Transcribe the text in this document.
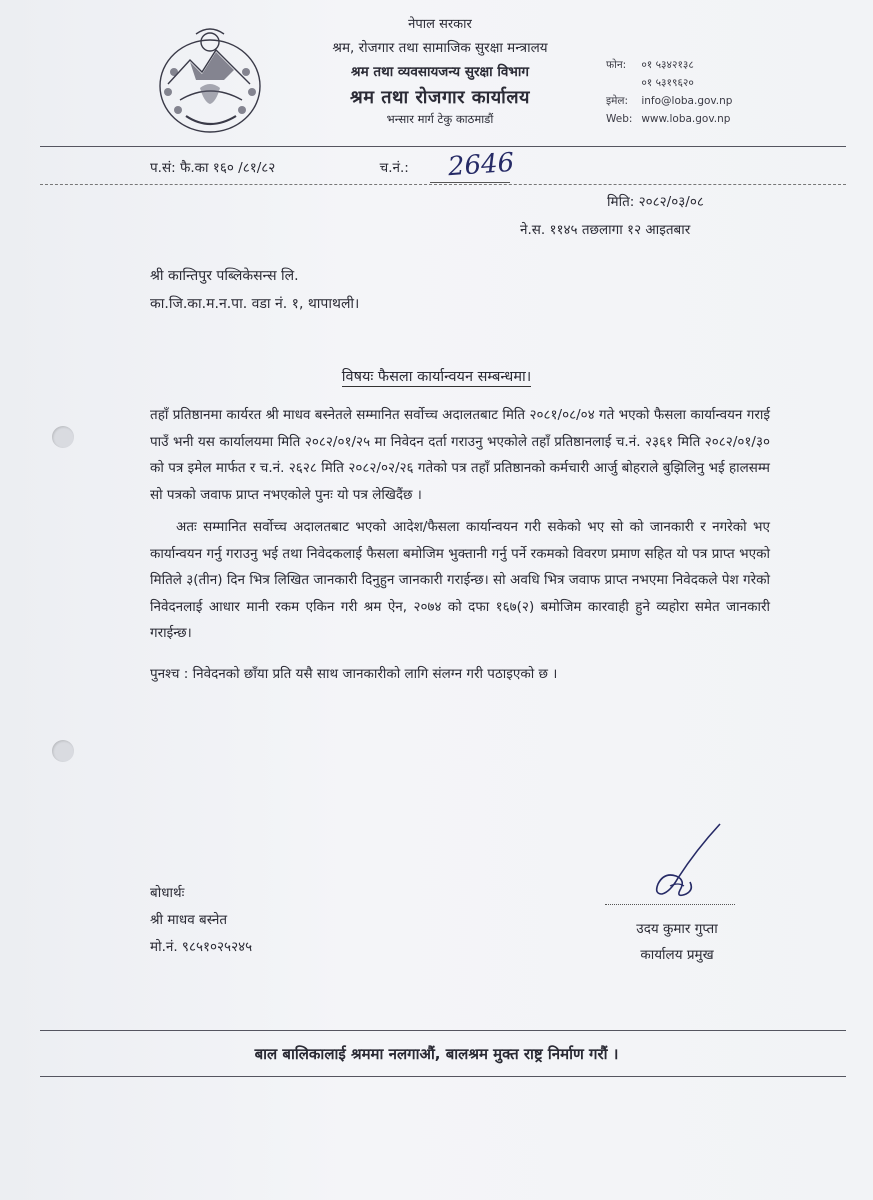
नेपाल सरकार
श्रम, रोजगार तथा सामाजिक सुरक्षा मन्त्रालय
श्रम तथा व्यवसायजन्य सुरक्षा विभाग
श्रम तथा रोजगार कार्यालय
भन्सार मार्ग टेकु काठमाडौं
फोन: ०१ ५३४२१३८
०१ ५३१९६२०
इमेल: info@loba.gov.np
Web: www.loba.gov.np
प.सं: फै.का १६० /८१/८२	च.नं.: 2646
मिति: २०८२/०३/०८
ने.स. ११४५ तछलागा १२ आइतबार
श्री कान्तिपुर पब्लिकेसन्स लि.
का.जि.का.म.न.पा. वडा नं. १, थापाथली।
विषयः फैसला कार्यान्वयन सम्बन्धमा।

तहाँ प्रतिष्ठानमा कार्यरत श्री माधव बस्नेतले सम्मानित सर्वोच्च अदालतबाट मिति २०८१/०८/०४ गते भएको फैसला कार्यान्वयन गराई पाउँ भनी यस कार्यालयमा मिति २०८२/०१/२५ मा निवेदन दर्ता गराउनु भएकोले तहाँ प्रतिष्ठानलाई च.नं. २३६१ मिति २०८२/०१/३० को पत्र इमेल मार्फत र च.नं. २६२८ मिति २०८२/०२/२६ गतेको पत्र तहाँ प्रतिष्ठानको कर्मचारी आर्जु बोहराले बुझिलिनु भई हालसम्म सो पत्रको जवाफ प्राप्त नभएकोले पुनः यो पत्र लेखिदैंछ ।

अतः सम्मानित सर्वोच्च अदालतबाट भएको आदेश/फैसला कार्यान्वयन गरी सकेको भए सो को जानकारी र नगरेको भए कार्यान्वयन गर्नु गराउनु भई तथा निवेदकलाई फैसला बमोजिम भुक्तानी गर्नु पर्ने रकमको विवरण प्रमाण सहित यो पत्र प्राप्त भएको मितिले ३(तीन) दिन भित्र लिखित जानकारी दिनुहुन जानकारी गराईन्छ। सो अवधि भित्र जवाफ प्राप्त नभएमा निवेदकले पेश गरेको निवेदनलाई आधार मानी रकम एकिन गरी श्रम ऐन, २०७४ को दफा १६७(२) बमोजिम कारवाही हुने व्यहोरा समेत जानकारी गराईन्छ।

पुनश्च : निवेदनको छाँया प्रति यसै साथ जानकारीको लागि संलग्न गरी पठाइएको छ ।

उदय कुमार गुप्ता
कार्यालय प्रमुख
बोधार्थः
श्री माधव बस्नेत
मो.नं. ९८५१०२५२४५
बाल बालिकालाई श्रममा नलगाऔं, बालश्रम मुक्त राष्ट्र निर्माण गरौं ।
